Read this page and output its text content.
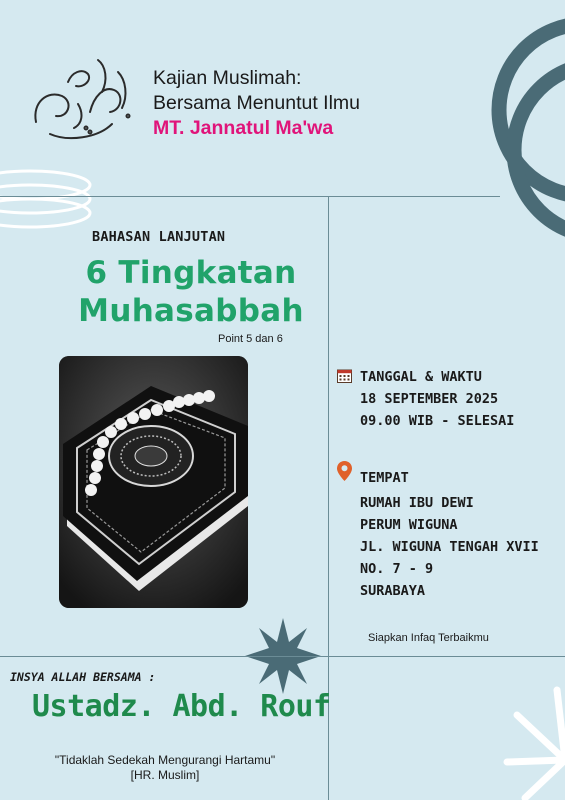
Kajian Muslimah:
Bersama Menuntut Ilmu
MT. Jannatul Ma'wa
BAHASAN LANJUTAN
6 Tingkatan
Muhasabbah
Point 5 dan 6
TANGGAL & WAKTU
18 SEPTEMBER 2025
09.00 WIB - SELESAI
TEMPAT
RUMAH IBU DEWI
PERUM WIGUNA
JL. WIGUNA TENGAH XVII
NO. 7 - 9
SURABAYA
Siapkan Infaq Terbaikmu
INSYA ALLAH BERSAMA :
Ustadz. Abd. Rouf
"Tidaklah Sedekah Mengurangi Hartamu"
[HR. Muslim]
